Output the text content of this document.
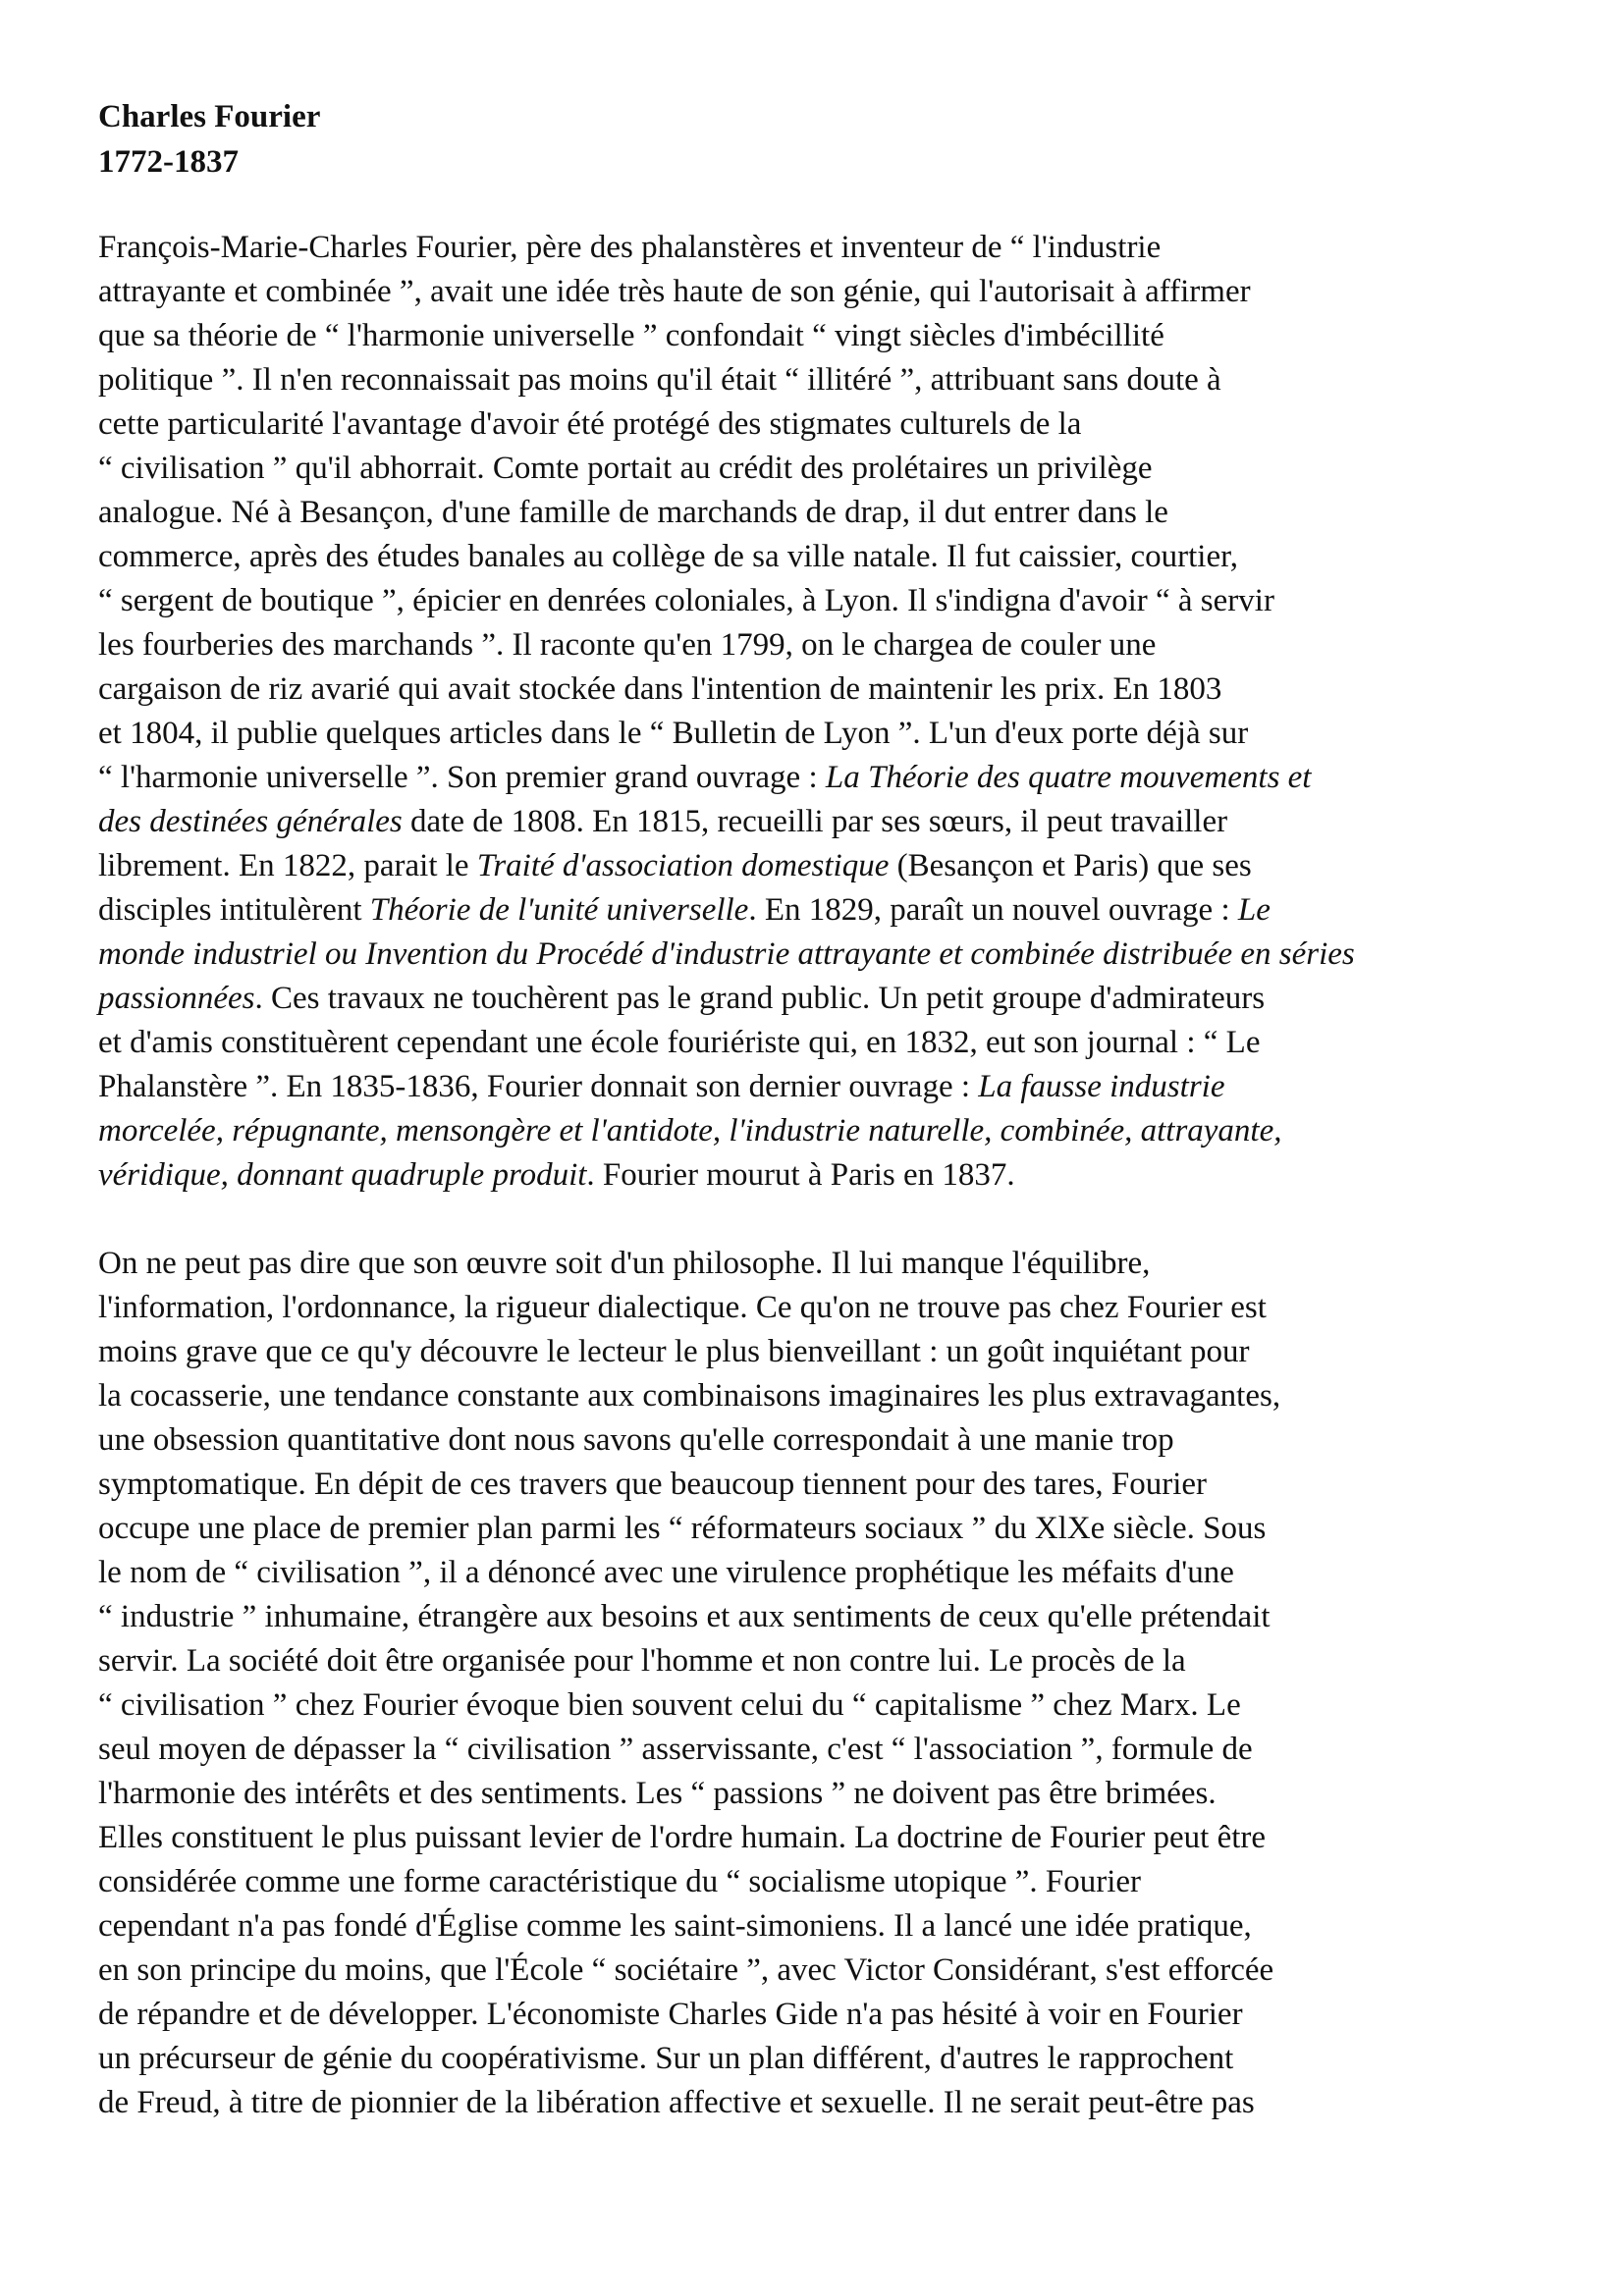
Charles Fourier
1772-1837
François-Marie-Charles Fourier, père des phalanstères et inventeur de “ l'industrie
attrayante et combinée ”, avait une idée très haute de son génie, qui l'autorisait à affirmer
que sa théorie de “ l'harmonie universelle ” confondait “ vingt siècles d'imbécillité
politique ”. Il n'en reconnaissait pas moins qu'il était “ illitéré ”, attribuant sans doute à
cette particularité l'avantage d'avoir été protégé des stigmates culturels de la
“ civilisation ” qu'il abhorrait. Comte portait au crédit des prolétaires un privilège
analogue. Né à Besançon, d'une famille de marchands de drap, il dut entrer dans le
commerce, après des études banales au collège de sa ville natale. Il fut caissier, courtier,
“ sergent de boutique ”, épicier en denrées coloniales, à Lyon. Il s'indigna d'avoir “ à servir
les fourberies des marchands ”. Il raconte qu'en 1799, on le chargea de couler une
cargaison de riz avarié qui avait stockée dans l'intention de maintenir les prix. En 1803
et 1804, il publie quelques articles dans le “ Bulletin de Lyon ”. L'un d'eux porte déjà sur
“ l'harmonie universelle ”. Son premier grand ouvrage : La Théorie des quatre mouvements et
des destinées générales date de 1808. En 1815, recueilli par ses sœurs, il peut travailler
librement. En 1822, parait le Traité d'association domestique (Besançon et Paris) que ses
disciples intitulèrent Théorie de l'unité universelle. En 1829, paraît un nouvel ouvrage : Le
monde industriel ou Invention du Procédé d'industrie attrayante et combinée distribuée en séries
passionnées. Ces travaux ne touchèrent pas le grand public. Un petit groupe d'admirateurs
et d'amis constituèrent cependant une école fouriériste qui, en 1832, eut son journal : “ Le
Phalanstère ”. En 1835-1836, Fourier donnait son dernier ouvrage : La fausse industrie
morcelée, répugnante, mensongère et l'antidote, l'industrie naturelle, combinée, attrayante,
véridique, donnant quadruple produit. Fourier mourut à Paris en 1837.
On ne peut pas dire que son œuvre soit d'un philosophe. Il lui manque l'équilibre,
l'information, l'ordonnance, la rigueur dialectique. Ce qu'on ne trouve pas chez Fourier est
moins grave que ce qu'y découvre le lecteur le plus bienveillant : un goût inquiétant pour
la cocasserie, une tendance constante aux combinaisons imaginaires les plus extravagantes,
une obsession quantitative dont nous savons qu'elle correspondait à une manie trop
symptomatique. En dépit de ces travers que beaucoup tiennent pour des tares, Fourier
occupe une place de premier plan parmi les “ réformateurs sociaux ” du XlXe siècle. Sous
le nom de “ civilisation ”, il a dénoncé avec une virulence prophétique les méfaits d'une
“ industrie ” inhumaine, étrangère aux besoins et aux sentiments de ceux qu'elle prétendait
servir. La société doit être organisée pour l'homme et non contre lui. Le procès de la
“ civilisation ” chez Fourier évoque bien souvent celui du “ capitalisme ” chez Marx. Le
seul moyen de dépasser la “ civilisation ” asservissante, c'est “ l'association ”, formule de
l'harmonie des intérêts et des sentiments. Les “ passions ” ne doivent pas être brimées.
Elles constituent le plus puissant levier de l'ordre humain. La doctrine de Fourier peut être
considérée comme une forme caractéristique du “ socialisme utopique ”. Fourier
cependant n'a pas fondé d'Église comme les saint-simoniens. Il a lancé une idée pratique,
en son principe du moins, que l'École “ sociétaire ”, avec Victor Considérant, s'est efforcée
de répandre et de développer. L'économiste Charles Gide n'a pas hésité à voir en Fourier
un précurseur de génie du coopérativisme. Sur un plan différent, d'autres le rapprochent
de Freud, à titre de pionnier de la libération affective et sexuelle. Il ne serait peut-être pas
